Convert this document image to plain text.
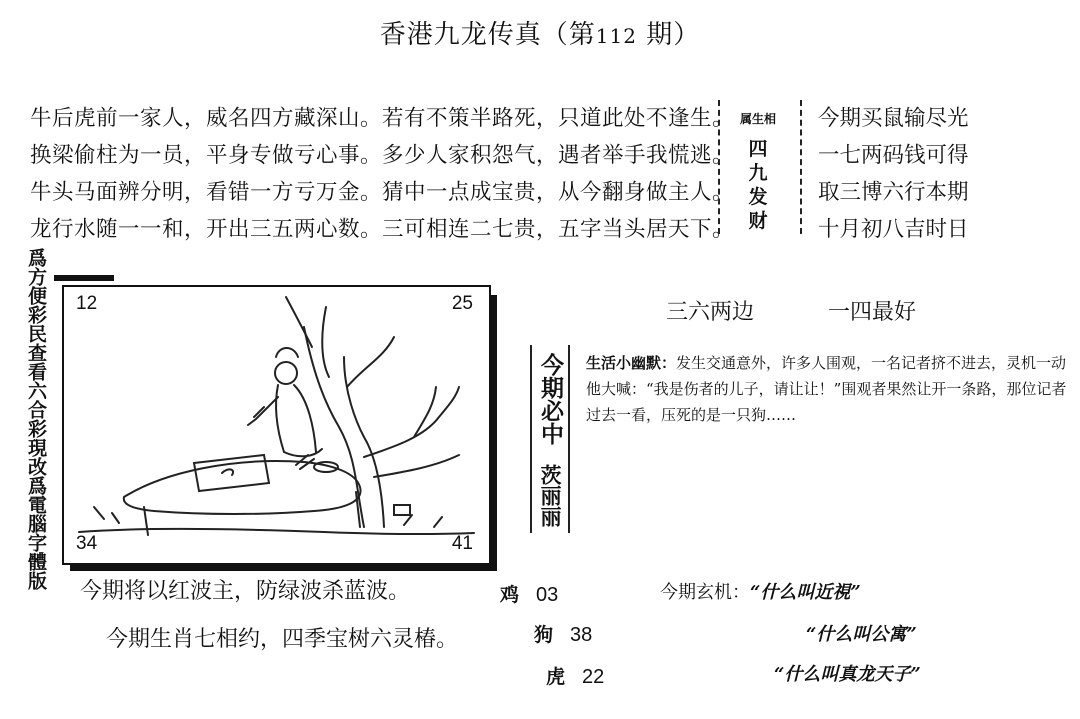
香港九龙传真（第112 期）
牛后虎前一家人，威名四方藏深山。若有不策半路死，只道此处不逢生。
换梁偷柱为一员，平身专做亏心事。多少人家积怨气，遇者举手我慌逃。
牛头马面辨分明，看错一方亏万金。猜中一点成宝贵，从今翻身做主人。
龙行水随一一和，开出三五两心数。三可相连二七贵，五字当头居天下。
属生相
四
九
发
财
今期买鼠输尽光
一七两码钱可得
取三博六行本期
十月初八吉时日
爲方便彩民查看六合彩現改爲電腦字體版 12	25
34	41
今期必中
茨丽丽
三六两边	一四最好
生活小幽默：发生交通意外，许多人围观，一名记者挤不进去，灵机一动他大喊：“我是伤者的儿子，请让让！”围观者果然让开一条路，那位记者过去一看，压死的是一只狗……
今期将以红波主，防绿波杀蓝波。
今期生肖七相约，四季宝树六灵椿。
鸡 03
狗 38
虎 22
今期玄机：“什么叫近視”
“什么叫公寓”
“什么叫真龙天子”
